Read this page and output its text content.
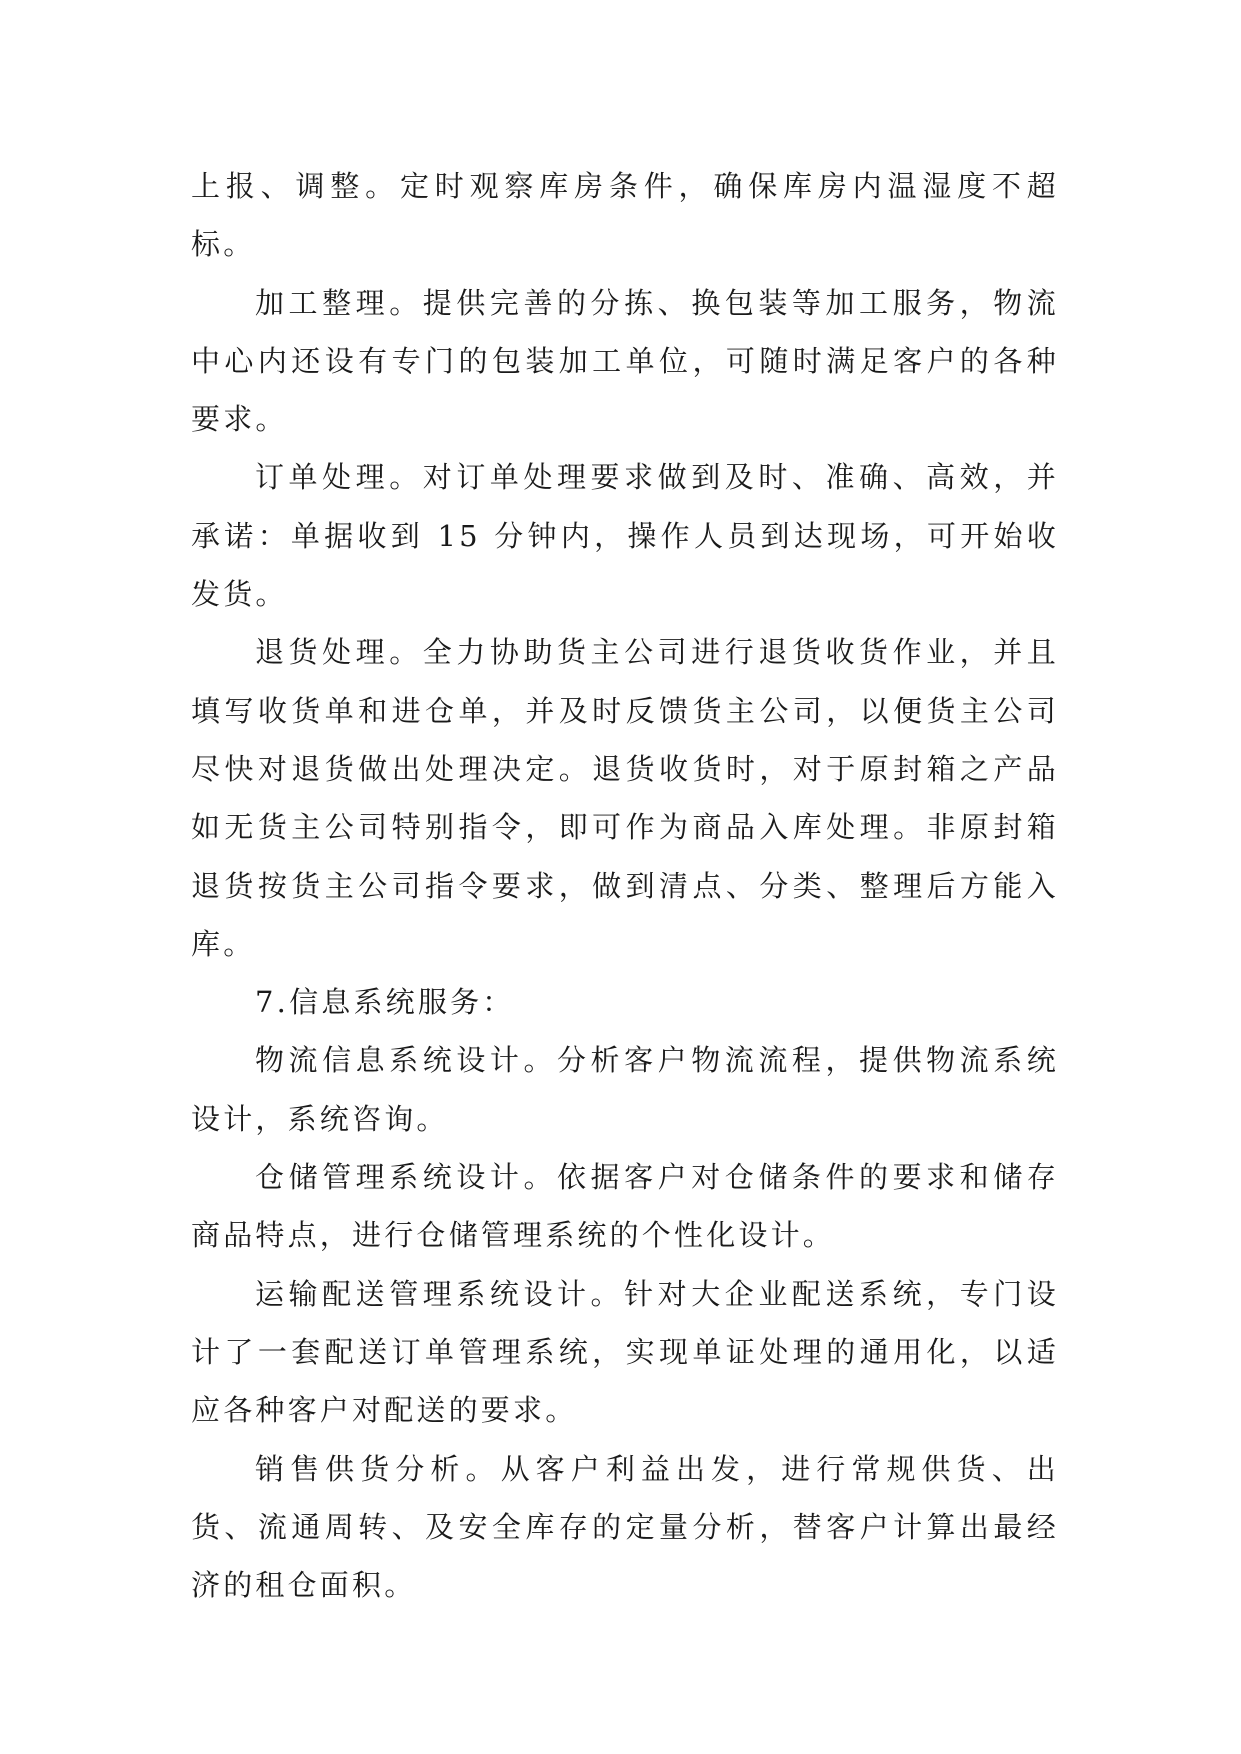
上报、调整。定时观察库房条件，确保库房内温湿度不超标。

加工整理。提供完善的分拣、换包装等加工服务，物流中心内还设有专门的包装加工单位，可随时满足客户的各种要求。

订单处理。对订单处理要求做到及时、准确、高效，并承诺：单据收到 15 分钟内，操作人员到达现场，可开始收发货。

退货处理。全力协助货主公司进行退货收货作业，并且填写收货单和进仓单，并及时反馈货主公司，以便货主公司尽快对退货做出处理决定。退货收货时，对于原封箱之产品如无货主公司特别指令，即可作为商品入库处理。非原封箱退货按货主公司指令要求，做到清点、分类、整理后方能入库。

7.信息系统服务：

物流信息系统设计。分析客户物流流程，提供物流系统设计，系统咨询。

仓储管理系统设计。依据客户对仓储条件的要求和储存商品特点，进行仓储管理系统的个性化设计。

运输配送管理系统设计。针对大企业配送系统，专门设计了一套配送订单管理系统，实现单证处理的通用化，以适应各种客户对配送的要求。

销售供货分析。从客户利益出发，进行常规供货、出货、流通周转、及安全库存的定量分析，替客户计算出最经济的租仓面积。
